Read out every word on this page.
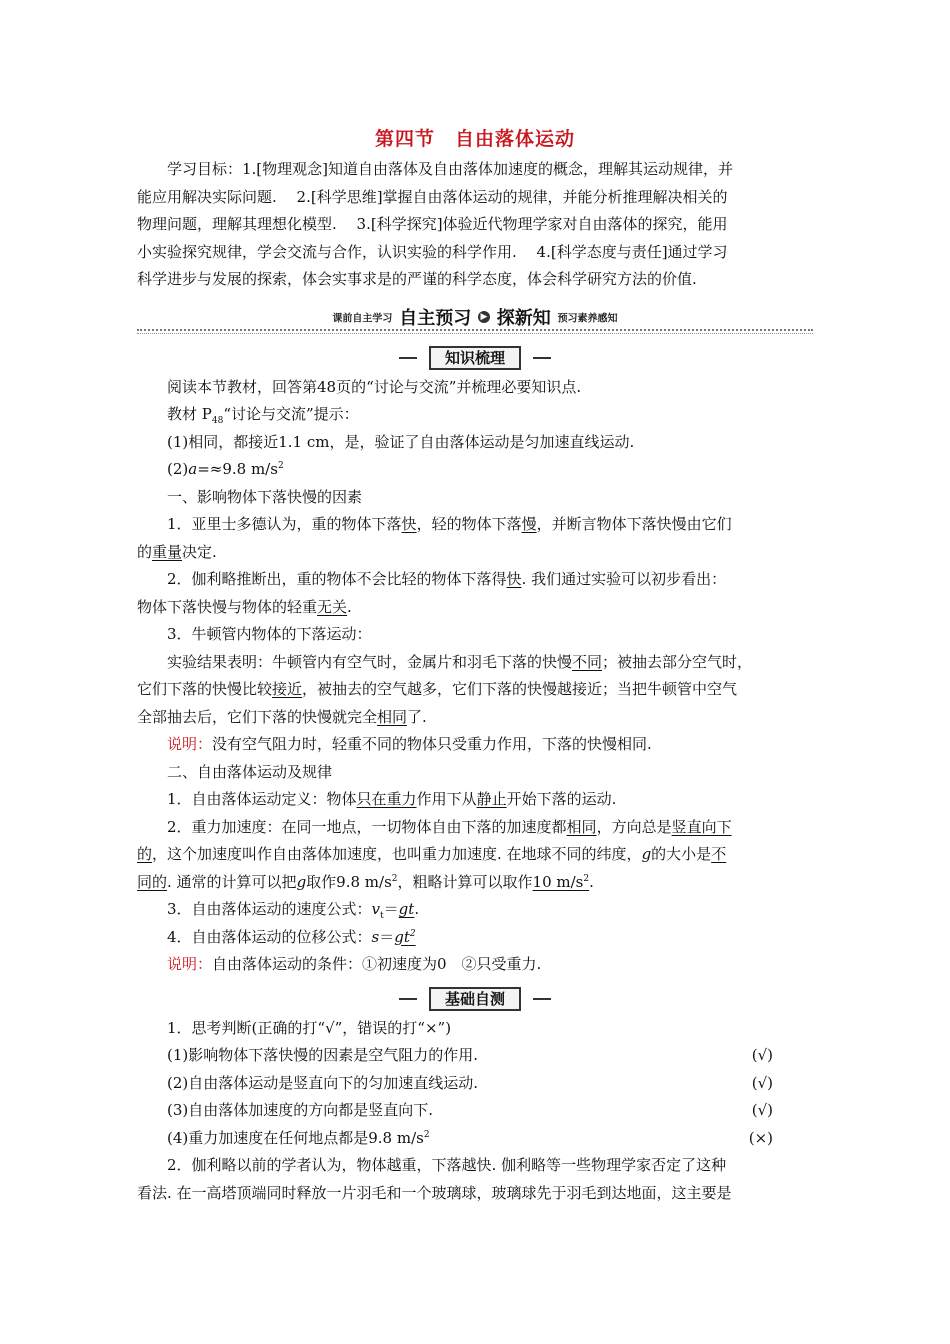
第四节 自由落体运动

学习目标：1.[物理观念]知道自由落体及自由落体加速度的概念，理解其运动规律，并

能应用解决实际问题.　 2.[科学思维]掌握自由落体运动的规律，并能分析推理解决相关的

物理问题，理解其理想化模型.　 3.[科学探究]体验近代物理学家对自由落体的探究，能用

小实验探究规律，学会交流与合作，认识实验的科学作用.　 4.[科学态度与责任]通过学习

科学进步与发展的探索，体会实事求是的严谨的科学态度，体会科学研究方法的价值.

课前自主学习 自主预习 ▶ 探新知 预习素养感知
知识梳理

阅读本节教材，回答第48页的“讨论与交流”并梳理必要知识点.

教材 $P_{48}“$讨论与交流”提示：

(1)相同，都接近1.1 cm，是，验证了自由落体运动是匀加速直线运动.

(2)a=≈9.8 $m/s^2$

一、影响物体下落快慢的因素

1．亚里士多德认为，重的物体下落快，轻的物体下落慢，并断言物体下落快慢由它们

的重量决定.

2．伽利略推断出，重的物体不会比轻的物体下落得快. 我们通过实验可以初步看出：

物体下落快慢与物体的轻重无关.

3．牛顿管内物体的下落运动：

实验结果表明：牛顿管内有空气时，金属片和羽毛下落的快慢不同；被抽去部分空气时，

它们下落的快慢比较接近，被抽去的空气越多，它们下落的快慢越接近；当把牛顿管中空气

全部抽去后，它们下落的快慢就完全相同了.

说明：没有空气阻力时，轻重不同的物体只受重力作用，下落的快慢相同.

二、自由落体运动及规律

1．自由落体运动定义：物体只在重力作用下从静止开始下落的运动.

2．重力加速度：在同一地点，一切物体自由下落的加速度都相同，方向总是竖直向下

的，这个加速度叫作自由落体加速度，也叫重力加速度. 在地球不同的纬度，g的大小是不

同的. 通常的计算可以把g取作9.8 $m/s^2$，粗略计算可以取作10 $m/s^2$.

3．自由落体运动的速度公式：$v_t=gt$.

4．自由落体运动的位移公式：$s=gt^2$

说明：自由落体运动的条件：①初速度为0　②只受重力.

基础自测

1．思考判断(正确的打“√”，错误的打“×”)

(1)影响物体下落快慢的因素是空气阻力的作用.	(√)

(2)自由落体运动是竖直向下的匀加速直线运动.	(√)

(3)自由落体加速度的方向都是竖直向下.	(√)

(4)重力加速度在任何地点都是9.8 $m/s^2$	(×)

2．伽利略以前的学者认为，物体越重，下落越快. 伽利略等一些物理学家否定了这种

看法. 在一高塔顶端同时释放一片羽毛和一个玻璃球，玻璃球先于羽毛到达地面，这主要是
